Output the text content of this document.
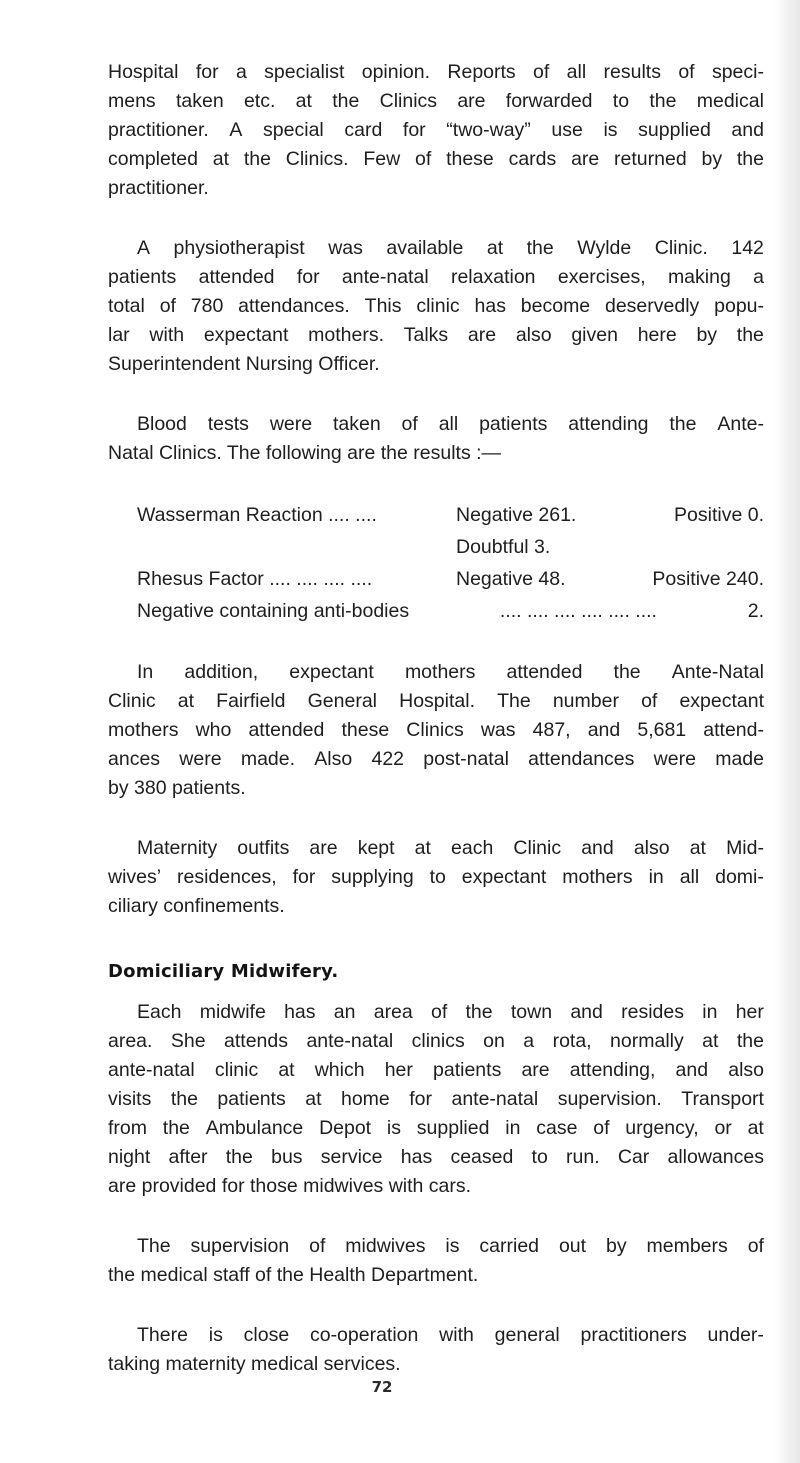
Hospital for a specialist opinion. Reports of all results of speci-
mens taken etc. at the Clinics are forwarded to the medical
practitioner. A special card for “two-way” use is supplied and
completed at the Clinics. Few of these cards are returned by the
practitioner.
A physiotherapist was available at the Wylde Clinic. 142
patients attended for ante-natal relaxation exercises, making a
total of 780 attendances. This clinic has become deservedly popu-
lar with expectant mothers. Talks are also given here by the
Superintendent Nursing Officer.
Blood tests were taken of all patients attending the Ante-
Natal Clinics. The following are the results :—
Wasserman Reaction .... ....	Negative 261.	Positive 0.
Doubtful 3.
Rhesus Factor .... .... .... ....	Negative 48.	Positive 240.
Negative containing anti-bodies	.... .... .... .... .... ....	2.
In addition, expectant mothers attended the Ante-Natal
Clinic at Fairfield General Hospital. The number of expectant
mothers who attended these Clinics was 487, and 5,681 attend-
ances were made. Also 422 post-natal attendances were made
by 380 patients.
Maternity outfits are kept at each Clinic and also at Mid-
wives’ residences, for supplying to expectant mothers in all domi-
ciliary confinements.
Domiciliary Midwifery.
Each midwife has an area of the town and resides in her
area. She attends ante-natal clinics on a rota, normally at the
ante-natal clinic at which her patients are attending, and also
visits the patients at home for ante-natal supervision. Transport
from the Ambulance Depot is supplied in case of urgency, or at
night after the bus service has ceased to run. Car allowances
are provided for those midwives with cars.
The supervision of midwives is carried out by members of
the medical staff of the Health Department.
There is close co-operation with general practitioners under-
taking maternity medical services.
72
